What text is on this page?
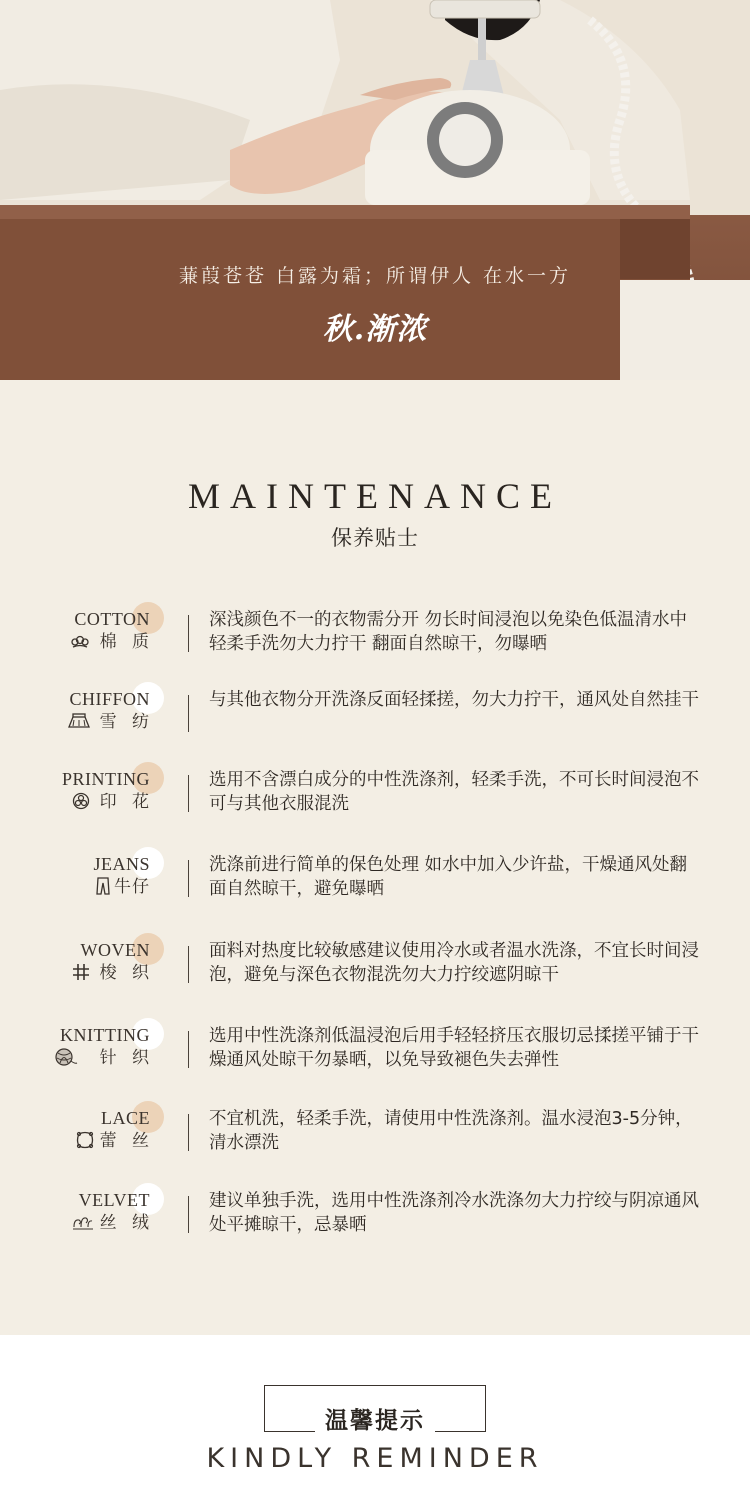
蒹葭苍苍 白露为霜；所谓伊人 在水一方
秋.渐浓
MAINTENANCE
保养贴士
COTTON
棉 质
深浅颜色不一的衣物需分开 勿长时间浸泡以免染色低温清水中轻柔手洗勿大力拧干 翻面自然晾干，勿曝晒
CHIFFON
雪 纺
与其他衣物分开洗涤反面轻揉搓，勿大力拧干，通风处自然挂干
PRINTING
印 花
选用不含漂白成分的中性洗涤剂，轻柔手洗，不可长时间浸泡不可与其他衣服混洗
JEANS
牛仔
洗涤前进行简单的保色处理 如水中加入少许盐，干燥通风处翻面自然晾干，避免曝晒
WOVEN
梭 织
面料对热度比较敏感建议使用冷水或者温水洗涤，不宜长时间浸泡，避免与深色衣物混洗勿大力拧绞遮阴晾干
KNITTING
针 织
选用中性洗涤剂低温浸泡后用手轻轻挤压衣服切忌揉搓平铺于干燥通风处晾干勿暴晒，以免导致褪色失去弹性
LACE
蕾 丝
不宜机洗，轻柔手洗，请使用中性洗涤剂。温水浸泡3-5分钟，清水漂洗
VELVET
丝 绒
建议单独手洗，选用中性洗涤剂冷水洗涤勿大力拧绞与阴凉通风处平摊晾干，忌暴晒
温馨提示
KINDLY REMINDER
